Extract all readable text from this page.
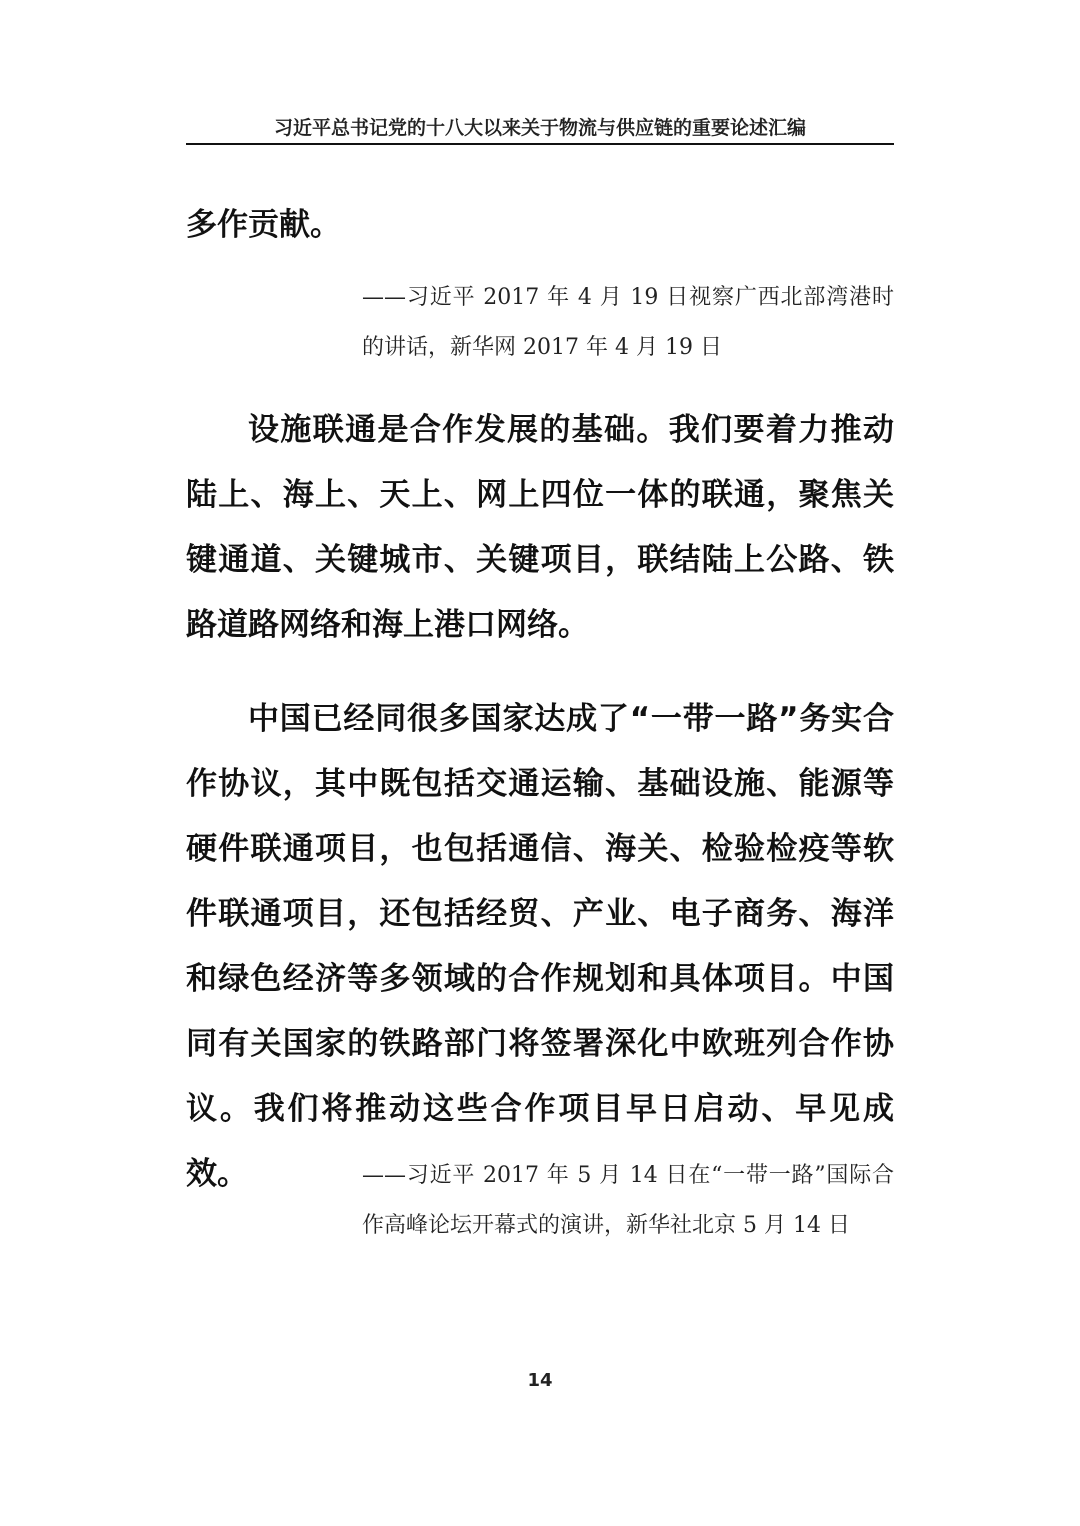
习近平总书记党的十八大以来关于物流与供应链的重要论述汇编

多作贡献。

——习近平 2017 年 4 月 19 日视察广西北部湾港时的讲话，新华网 2017 年 4 月 19 日

设施联通是合作发展的基础。我们要着力推动陆上、海上、天上、网上四位一体的联通，聚焦关键通道、关键城市、关键项目，联结陆上公路、铁路道路网络和海上港口网络。

中国已经同很多国家达成了“一带一路”务实合作协议，其中既包括交通运输、基础设施、能源等硬件联通项目，也包括通信、海关、检验检疫等软件联通项目，还包括经贸、产业、电子商务、海洋和绿色经济等多领域的合作规划和具体项目。中国同有关国家的铁路部门将签署深化中欧班列合作协议。我们将推动这些合作项目早日启动、早见成效。	——习近平 2017 年 5 月 14 日在“一带一路”国际合作高峰论坛开幕式的演讲，新华社北京 5 月 14 日

14
